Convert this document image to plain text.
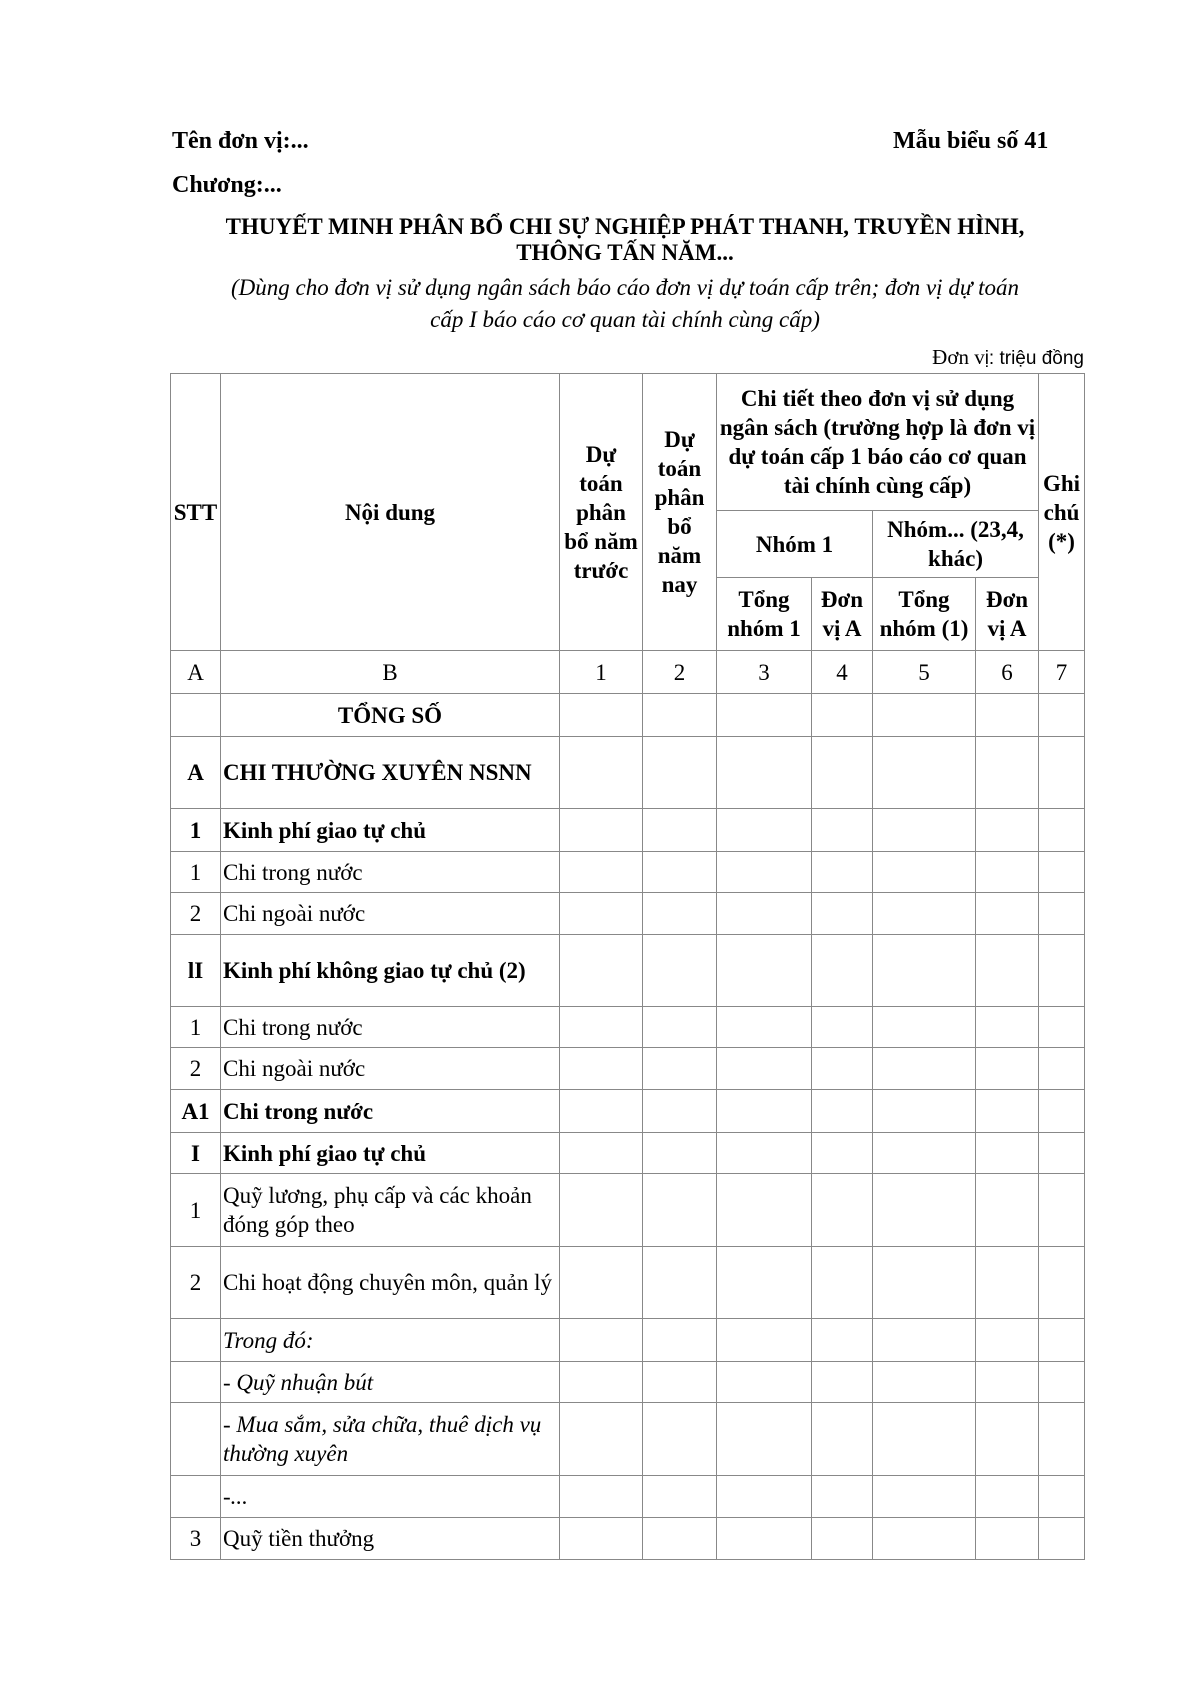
Tên đơn vị:...	Mẫu biểu số 41
Chương:...
THUYẾT MINH PHÂN BỔ CHI SỰ NGHIỆP PHÁT THANH, TRUYỀN HÌNH,
THÔNG TẤN NĂM...
(Dùng cho đơn vị sử dụng ngân sách báo cáo đơn vị dự toán cấp trên; đơn vị dự toán
cấp I báo cáo cơ quan tài chính cùng cấp)
Đơn vị: triệu đồng
STT	Nội dung	Dự toán phân bổ năm trước	Dự toán phân bổ năm nay	Chi tiết theo đơn vị sử dụng ngân sách (trường hợp là đơn vị dự toán cấp 1 báo cáo cơ quan tài chính cùng cấp)				Ghi chú (*)
				Nhóm 1		Nhóm... (23,4, khác)		
				Tổng nhóm 1	Đơn vị A	Tổng nhóm (1)	Đơn vị A	
A	B	1	2	3	4	5	6	7
	TỔNG SỐ							
A	CHI THƯỜNG XUYÊN NSNN							
1	Kinh phí giao tự chủ							
1	Chi trong nước							
2	Chi ngoài nước							
lI	Kinh phí không giao tự chủ (2)							
1	Chi trong nước							
2	Chi ngoài nước							
A1	Chi trong nước							
I	Kinh phí giao tự chủ							
1	Quỹ lương, phụ cấp và các khoản đóng góp theo							
2	Chi hoạt động chuyên môn, quản lý							
	Trong đó:							
	- Quỹ nhuận bút							
	- Mua sắm, sửa chữa, thuê dịch vụ thường xuyên							
	-...							
3	Quỹ tiền thưởng							
